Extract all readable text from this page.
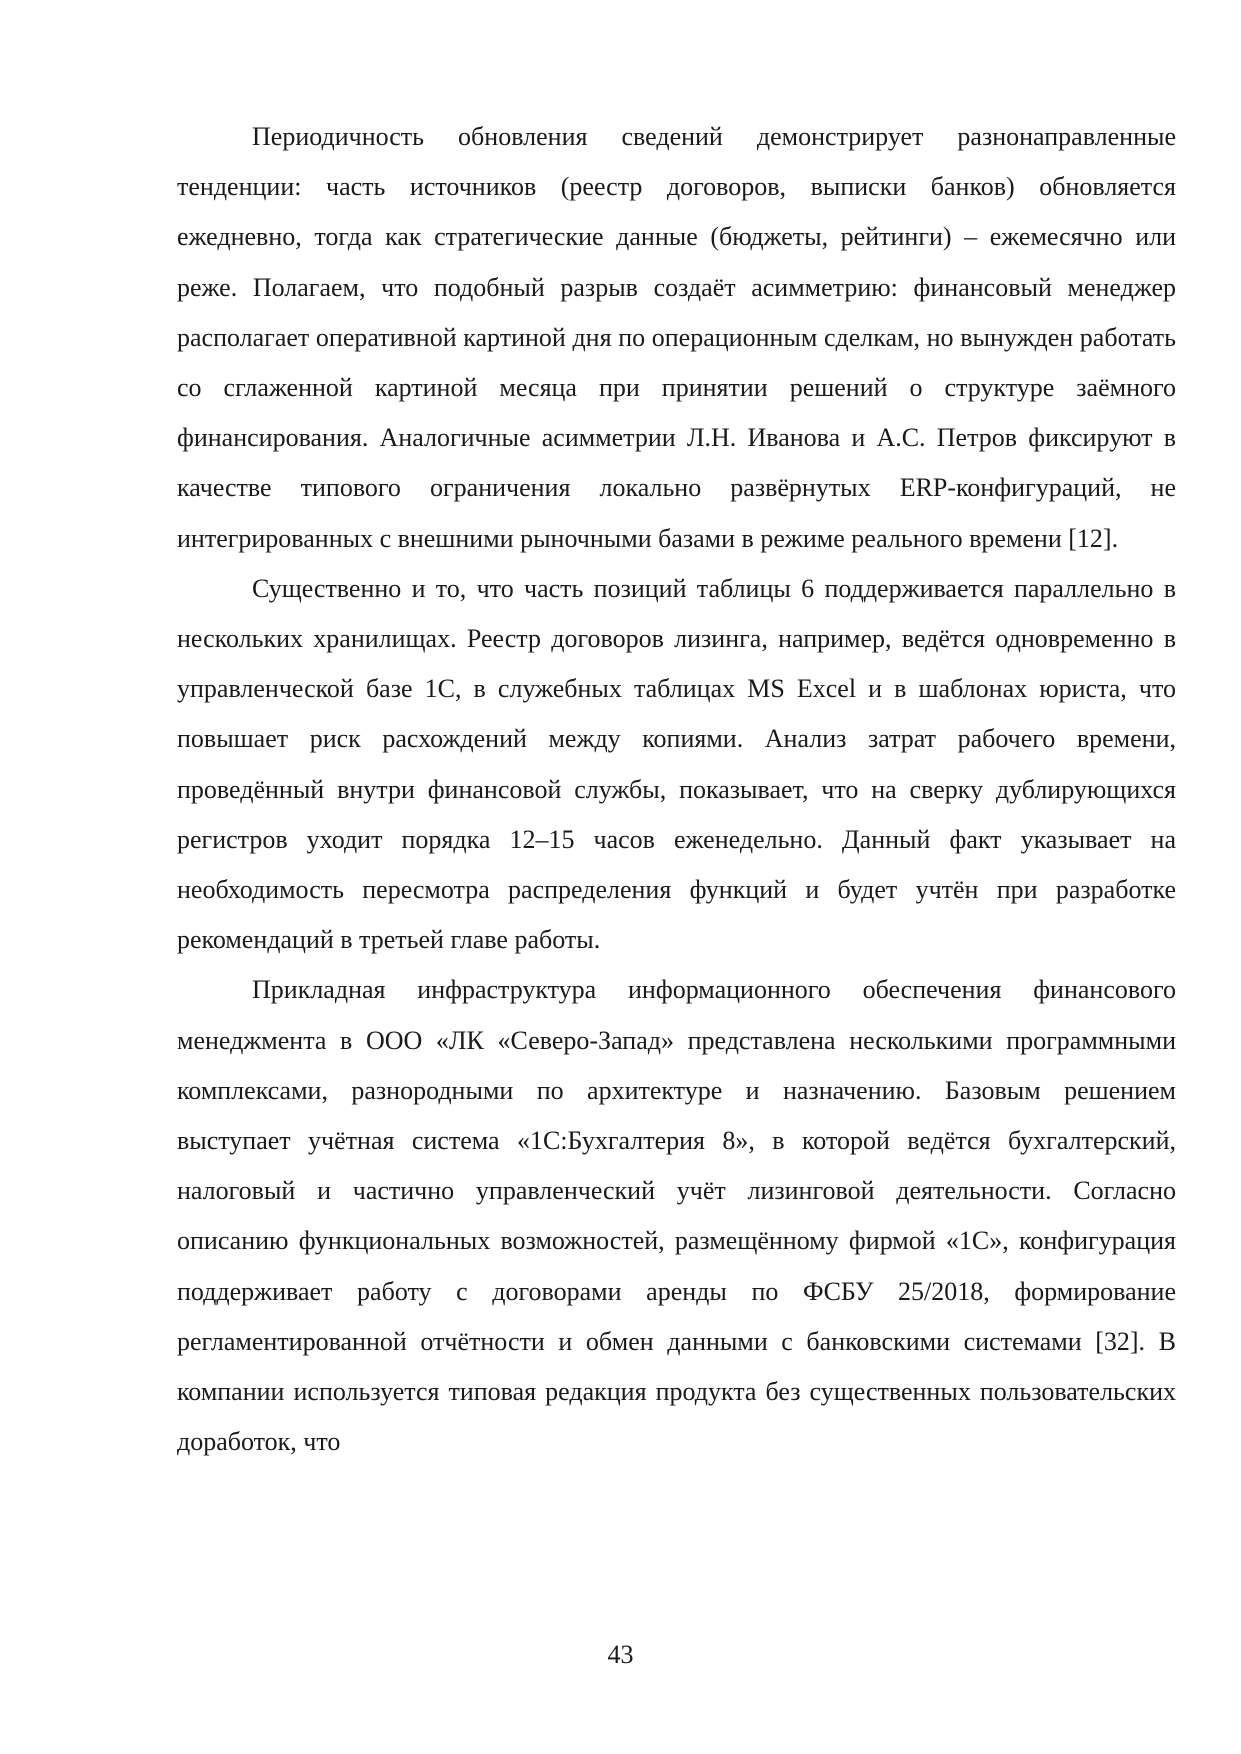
Периодичность обновления сведений демонстрирует разнонаправленные тенденции: часть источников (реестр договоров, выписки банков) обновляется ежедневно, тогда как стратегические данные (бюджеты, рейтинги) – ежемесячно или реже. Полагаем, что подобный разрыв создаёт асимметрию: финансовый менеджер располагает оперативной картиной дня по операционным сделкам, но вынужден работать со сглаженной картиной месяца при принятии решений о структуре заёмного финансирования. Аналогичные асимметрии Л.Н. Иванова и А.С. Петров фиксируют в качестве типового ограничения локально развёрнутых ERP-конфигураций, не интегрированных с внешними рыночными базами в режиме реального времени [12].

Существенно и то, что часть позиций таблицы 6 поддерживается параллельно в нескольких хранилищах. Реестр договоров лизинга, например, ведётся одновременно в управленческой базе 1С, в служебных таблицах MS Excel и в шаблонах юриста, что повышает риск расхождений между копиями. Анализ затрат рабочего времени, проведённый внутри финансовой службы, показывает, что на сверку дублирующихся регистров уходит порядка 12–15 часов еженедельно. Данный факт указывает на необходимость пересмотра распределения функций и будет учтён при разработке рекомендаций в третьей главе работы.

Прикладная инфраструктура информационного обеспечения финансового менеджмента в ООО «ЛК «Северо-Запад» представлена несколькими программными комплексами, разнородными по архитектуре и назначению. Базовым решением выступает учётная система «1С:Бухгалтерия 8», в которой ведётся бухгалтерский, налоговый и частично управленческий учёт лизинговой деятельности. Согласно описанию функциональных возможностей, размещённому фирмой «1С», конфигурация поддерживает работу с договорами аренды по ФСБУ 25/2018, формирование регламентированной отчётности и обмен данными с банковскими системами [32]. В компании используется типовая редакция продукта без существенных пользовательских доработок, что

43
